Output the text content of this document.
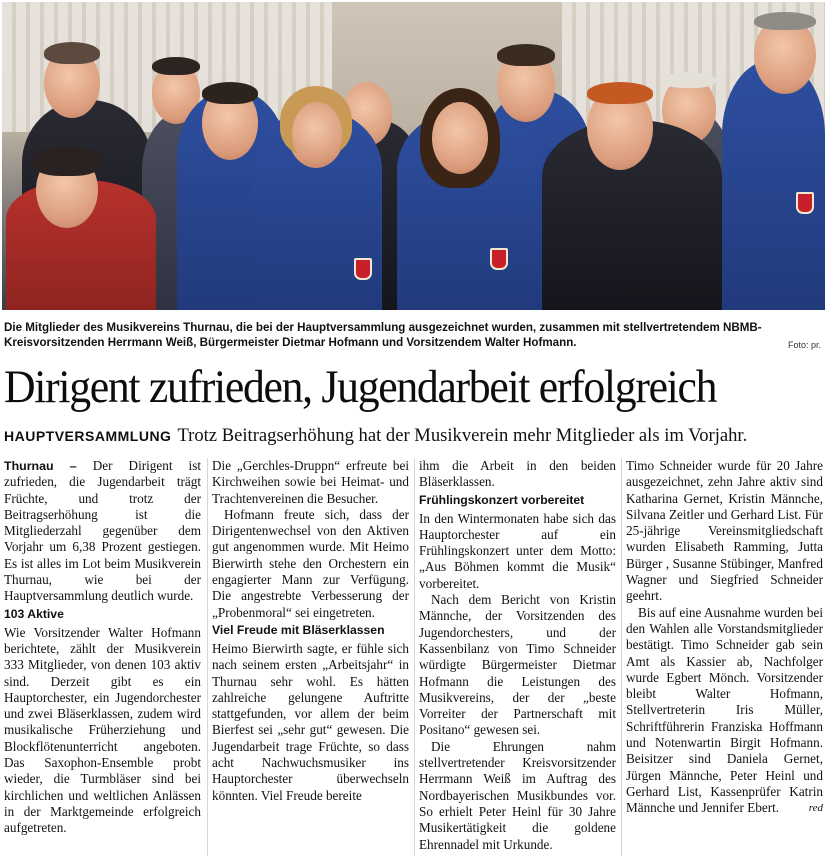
Die Mitglieder des Musikvereins Thurnau, die bei der Hauptversammlung ausgezeichnet wurden, zusammen mit stellvertretendem NBMB-Kreisvorsitzenden Herrmann Weiß, Bürgermeister Dietmar Hofmann und Vorsitzendem Walter Hofmann.	Foto: pr.
Dirigent zufrieden, Jugendarbeit erfolgreich
HAUPTVERSAMMLUNG Trotz Beitragserhöhung hat der Musikverein mehr Mitglieder als im Vorjahr.

Thurnau – Der Dirigent ist zufrieden, die Jugendarbeit trägt Früchte, und trotz der Beitragserhöhung ist die Mitgliederzahl gegenüber dem Vorjahr um 6,38 Prozent gestiegen. Es ist alles im Lot beim Musikverein Thurnau, wie bei der Hauptversammlung deutlich wurde.

103 Aktive

Wie Vorsitzender Walter Hofmann berichtete, zählt der Musikverein 333 Mitglieder, von denen 103 aktiv sind. Derzeit gibt es ein Hauptorchester, ein Jugendorchester und zwei Bläserklassen, zudem wird musikalische Früherziehung und Blockflötenunterricht angeboten. Das Saxophon-Ensemble probt wieder, die Turmbläser sind bei kirchlichen und weltlichen Anlässen in der Marktgemeinde erfolgreich aufgetreten.

Die „Gerchles-Druppn“ erfreute bei Kirchweihen sowie bei Heimat- und Trachtenvereinen die Besucher.

Hofmann freute sich, dass der Dirigentenwechsel von den Aktiven gut angenommen wurde. Mit Heimo Bierwirth stehe den Orchestern ein engagierter Mann zur Verfügung. Die angestrebte Verbesserung der „Probenmoral“ sei eingetreten.

Viel Freude mit Bläserklassen

Heimo Bierwirth sagte, er fühle sich nach seinem ersten „Arbeitsjahr“ in Thurnau sehr wohl. Es hätten zahlreiche gelungene Auftritte stattgefunden, vor allem der beim Bierfest sei „sehr gut“ gewesen. Die Jugendarbeit trage Früchte, so dass acht Nachwuchsmusiker ins Hauptorchester überwechseln könnten. Viel Freude bereite

ihm die Arbeit in den beiden Bläserklassen.

Frühlingskonzert vorbereitet

In den Wintermonaten habe sich das Hauptorchester auf ein Frühlingskonzert unter dem Motto: „Aus Böhmen kommt die Musik“ vorbereitet.

Nach dem Bericht von Kristin Männche, der Vorsitzenden des Jugendorchesters, und der Kassenbilanz von Timo Schneider würdigte Bürgermeister Dietmar Hofmann die Leistungen des Musikvereins, der der „beste Vorreiter der Partnerschaft mit Positano“ gewesen sei.

Die Ehrungen nahm stellvertretender Kreisvorsitzender Herrmann Weiß im Auftrag des Nordbayerischen Musikbundes vor. So erhielt Peter Heinl für 30 Jahre Musikertätigkeit die goldene Ehrennadel mit Urkunde.

Timo Schneider wurde für 20 Jahre ausgezeichnet, zehn Jahre aktiv sind Katharina Gernet, Kristin Männche, Silvana Zeitler und Gerhard List. Für 25-jährige Vereinsmitgliedschaft wurden Elisabeth Ramming, Jutta Bürger , Susanne Stübinger, Manfred Wagner und Siegfried Schneider geehrt.

Bis auf eine Ausnahme wurden bei den Wahlen alle Vorstandsmitglieder bestätigt. Timo Schneider gab sein Amt als Kassier ab, Nachfolger wurde Egbert Mönch. Vorsitzender bleibt Walter Hofmann, Stellvertreterin Iris Müller, Schriftführerin Franziska Hoffmann und Notenwartin Birgit Hofmann. Beisitzer sind Daniela Gernet, Jürgen Männche, Peter Heinl und Gerhard List, Kassenprüfer Katrin Männche und Jennifer Ebert.	red
